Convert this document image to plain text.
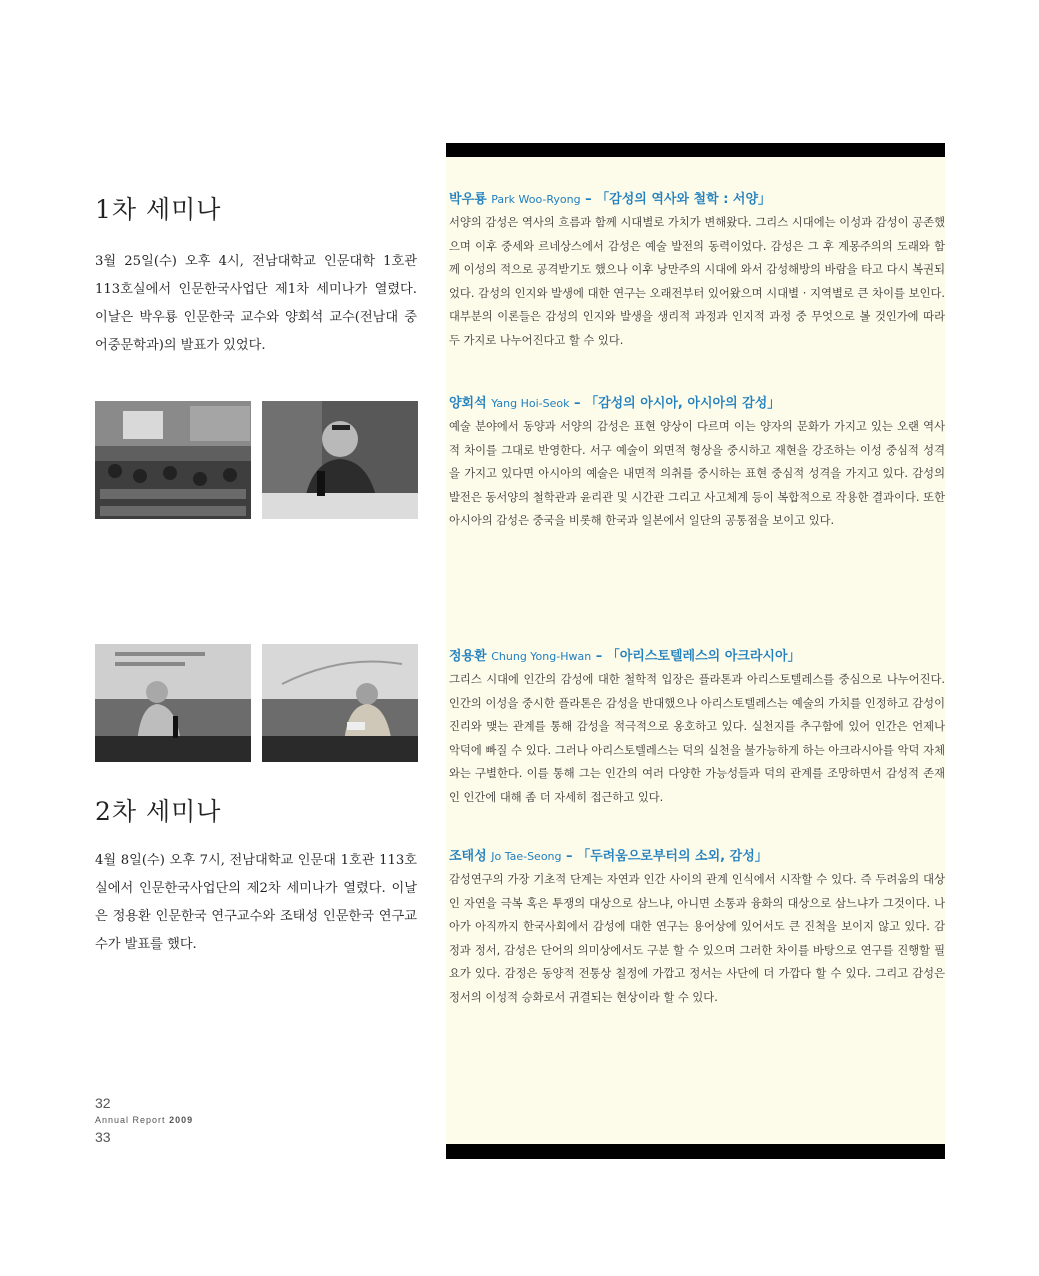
1차 세미나

3월 25일(수) 오후 4시, 전남대학교 인문대학 1호관 113호실에서 인문한국사업단 제1차 세미나가 열렸다. 이날은 박우룡 인문한국 교수와 양회석 교수(전남대 중어중문학과)의 발표가 있었다.

2차 세미나

4월 8일(수) 오후 7시, 전남대학교 인문대 1호관 113호실에서 인문한국사업단의 제2차 세미나가 열렸다. 이날은 정용환 인문한국 연구교수와 조태성 인문한국 연구교수가 발표를 했다.

박우룡 Park Woo-Ryong – 「감성의 역사와 철학 : 서양」

서양의 감성은 역사의 흐름과 함께 시대별로 가치가 변해왔다. 그리스 시대에는 이성과 감성이 공존했으며 이후 중세와 르네상스에서 감성은 예술 발전의 동력이었다. 감성은 그 후 계몽주의의 도래와 함께 이성의 적으로 공격받기도 했으나 이후 낭만주의 시대에 와서 감성해방의 바람을 타고 다시 복권되었다. 감성의 인지와 발생에 대한 연구는 오래전부터 있어왔으며 시대별 · 지역별로 큰 차이를 보인다. 대부분의 이론들은 감성의 인지와 발생을 생리적 과정과 인지적 과정 중 무엇으로 볼 것인가에 따라 두 가지로 나누어진다고 할 수 있다.

양회석 Yang Hoi-Seok – 「감성의 아시아, 아시아의 감성」

예술 분야에서 동양과 서양의 감성은 표현 양상이 다르며 이는 양자의 문화가 가지고 있는 오랜 역사적 차이를 그대로 반영한다. 서구 예술이 외면적 형상을 중시하고 재현을 강조하는 이성 중심적 성격을 가지고 있다면 아시아의 예술은 내면적 의취를 중시하는 표현 중심적 성격을 가지고 있다. 감성의 발전은 동서양의 철학관과 윤리관 및 시간관 그리고 사고체계 등이 복합적으로 작용한 결과이다. 또한 아시아의 감성은 중국을 비롯해 한국과 일본에서 일단의 공통점을 보이고 있다.

정용환 Chung Yong-Hwan – 「아리스토텔레스의 아크라시아」

그리스 시대에 인간의 감성에 대한 철학적 입장은 플라톤과 아리스토텔레스를 중심으로 나누어진다. 인간의 이성을 중시한 플라톤은 감성을 반대했으나 아리스토텔레스는 예술의 가치를 인정하고 감성이 진리와 맺는 관계를 통해 감성을 적극적으로 옹호하고 있다. 실천지를 추구함에 있어 인간은 언제나 악덕에 빠질 수 있다. 그러나 아리스토텔레스는 덕의 실천을 불가능하게 하는 아크라시아를 악덕 자체와는 구별한다. 이를 통해 그는 인간의 여러 다양한 가능성들과 덕의 관계를 조망하면서 감성적 존재인 인간에 대해 좀 더 자세히 접근하고 있다.

조태성 Jo Tae-Seong – 「두려움으로부터의 소외, 감성」

감성연구의 가장 기초적 단계는 자연과 인간 사이의 관계 인식에서 시작할 수 있다. 즉 두려움의 대상인 자연을 극복 혹은 투쟁의 대상으로 삼느냐, 아니면 소통과 융화의 대상으로 삼느냐가 그것이다. 나아가 아직까지 한국사회에서 감성에 대한 연구는 용어상에 있어서도 큰 진척을 보이지 않고 있다. 감정과 정서, 감성은 단어의 의미상에서도 구분 할 수 있으며 그러한 차이를 바탕으로 연구를 진행할 필요가 있다. 감정은 동양적 전통상 칠정에 가깝고 정서는 사단에 더 가깝다 할 수 있다. 그리고 감성은 정서의 이성적 승화로서 귀결되는 현상이라 할 수 있다.

32
Annual Report 2009
33
